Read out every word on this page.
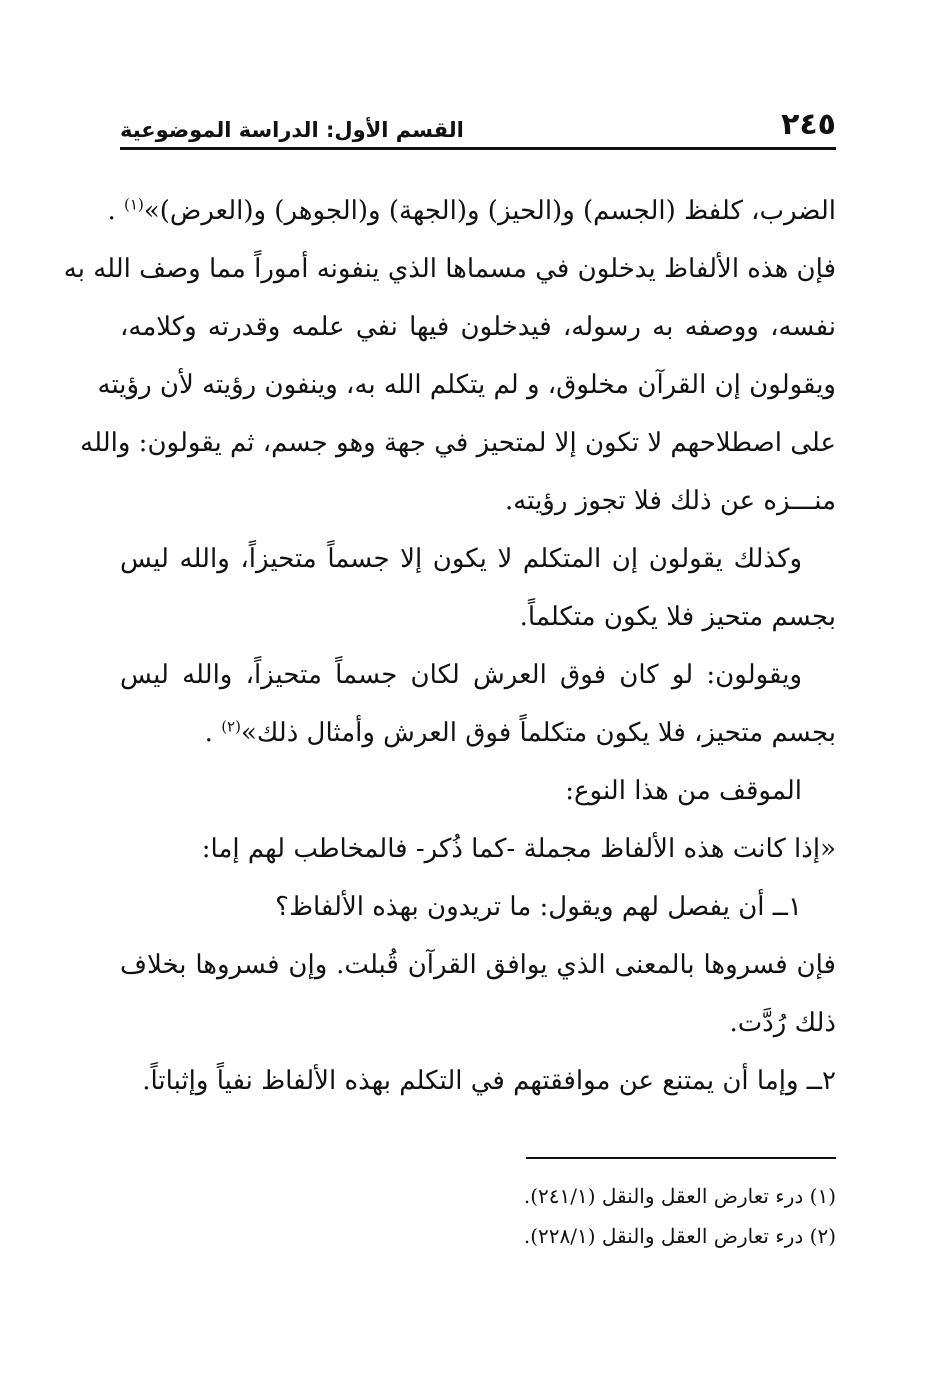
٢٤٥
القسم الأول: الدراسة الموضوعية
الضرب، كلفظ (الجسم) و(الحيز) و(الجهة) و(الجوهر) و(العرض)»$^{(١)}$ .
فإن هذه الألفاظ يدخلون في مسماها الذي ينفونه أموراً مما وصف الله به
نفسه، ووصفه به رسوله، فيدخلون فيها نفي علمه وقدرته وكلامه،
ويقولون إن القرآن مخلوق، و لم يتكلم الله به، وينفون رؤيته لأن رؤيته
على اصطلاحهم لا تكون إلا لمتحيز في جهة وهو جسم، ثم يقولون: والله
منـــزه عن ذلك فلا تجوز رؤيته.
وكذلك يقولون إن المتكلم لا يكون إلا جسماً متحيزاً، والله ليس
بجسم متحيز فلا يكون متكلماً.
ويقولون: لو كان فوق العرش لكان جسماً متحيزاً، والله ليس
بجسم متحيز، فلا يكون متكلماً فوق العرش وأمثال ذلك»$^{(٢)}$ .
الموقف من هذا النوع:
«إذا كانت هذه الألفاظ مجملة -كما ذُكر- فالمخاطب لهم إما:
١ــ أن يفصل لهم ويقول: ما تريدون بهذه الألفاظ؟
فإن فسروها بالمعنى الذي يوافق القرآن قُبلت. وإن فسروها بخلاف
ذلك رُدَّت.
٢ــ وإما أن يمتنع عن موافقتهم في التكلم بهذه الألفاظ نفياً وإثباتاً.
(١) درء تعارض العقل والنقل (٢٤١/١).
(٢) درء تعارض العقل والنقل (٢٢٨/١).
